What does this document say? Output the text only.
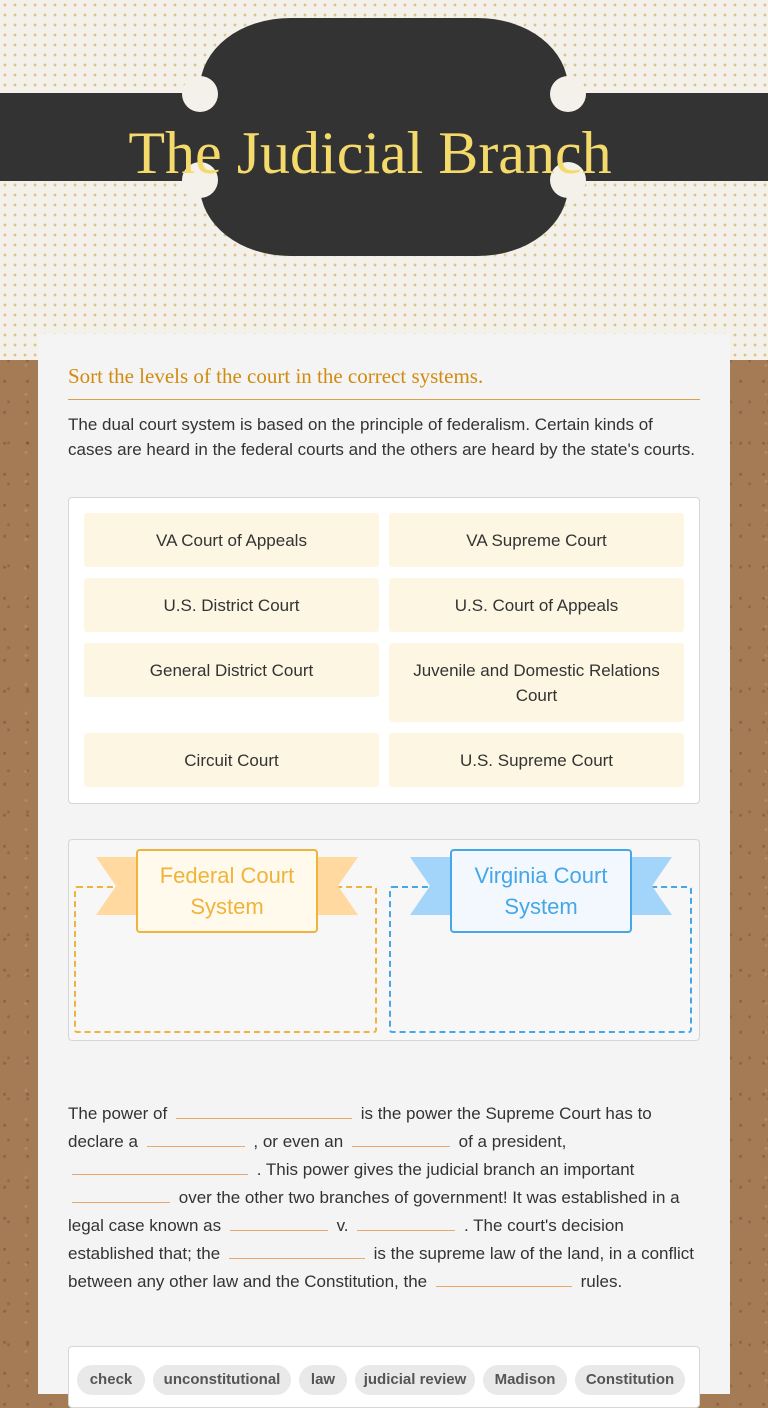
The Judicial Branch
Sort the levels of the court in the correct systems.
The dual court system is based on the principle of federalism. Certain kinds of cases are heard in the federal courts and the others are heard by the state's courts.
VA Court of Appeals	VA Supreme Court
U.S. District Court	U.S. Court of Appeals
General District Court	Juvenile and Domestic Relations Court
Circuit Court	U.S. Supreme Court
Federal Court System
Virginia Court System
The power of	is the power the Supreme Court has to declare a	, or even an	of a president,  . This power gives the judicial branch an important  over the other two branches of government! It was established in a legal case known as	v.	. The court's decision established that; the	is the supreme law of the land, in a conflict between any other law and the Constitution, the	rules.
check	unconstitutional	law	judicial review	Madison	Constitution
